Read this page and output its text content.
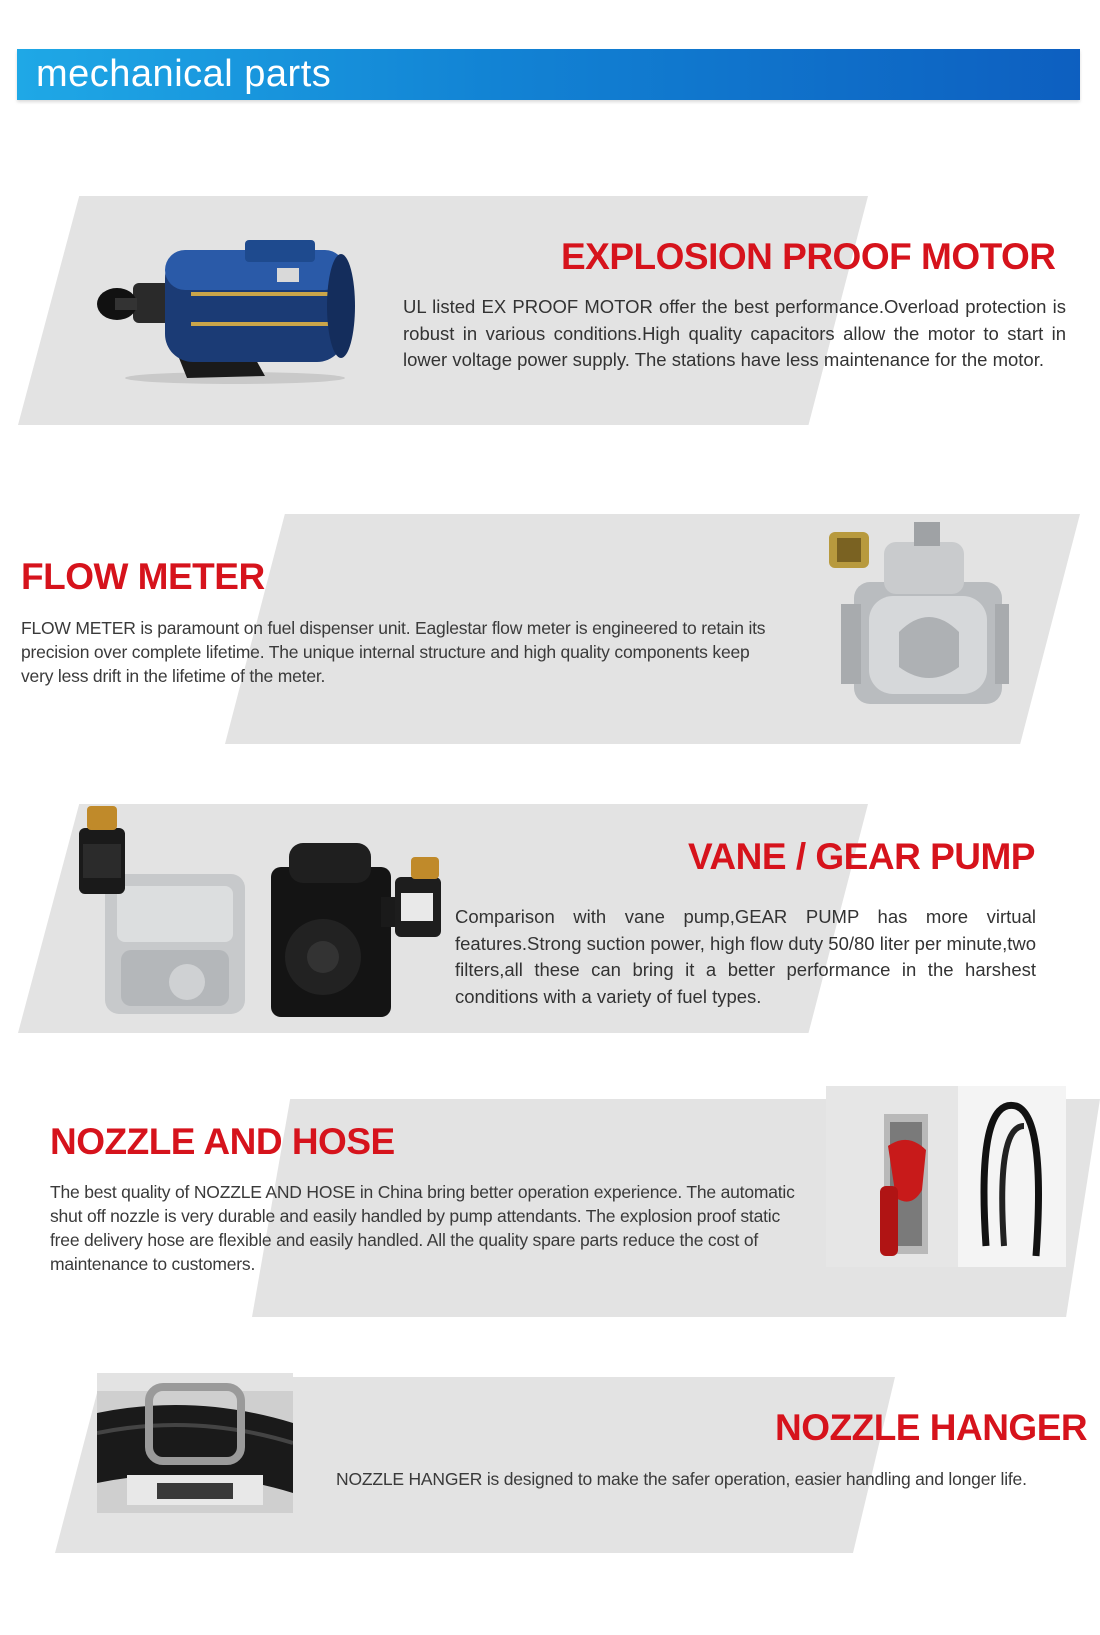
mechanical parts
EXPLOSION PROOF MOTOR
UL listed EX PROOF MOTOR offer the best performance.Overload protection is robust in various conditions.High quality capacitors allow the motor to start in lower voltage power supply. The stations have less maintenance for the motor.
FLOW METER
FLOW METER is paramount on fuel dispenser unit. Eaglestar flow meter is engineered to retain its precision over complete lifetime. The unique internal structure and high quality components keep very less drift in the lifetime of the meter.
VANE / GEAR PUMP
Comparison with vane pump,GEAR PUMP has more virtual features.Strong suction power, high flow duty 50/80 liter per minute,two filters,all these can bring it a better performance in the harshest conditions with a variety of fuel types.
NOZZLE AND HOSE
The best quality of NOZZLE AND HOSE in China bring better operation experience. The automatic shut off nozzle is very durable and easily handled by pump attendants. The explosion proof static free delivery hose are flexible and easily handled. All the quality spare parts reduce the cost of maintenance to customers.
NOZZLE HANGER
NOZZLE HANGER is designed to make the safer operation, easier handling and longer life.
